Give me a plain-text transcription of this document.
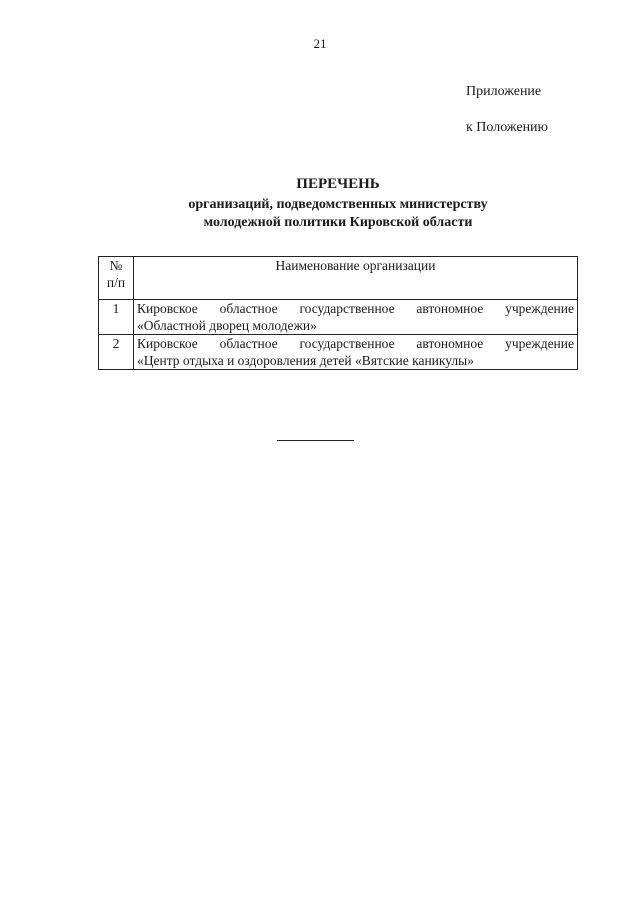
21
Приложение
к Положению
ПЕРЕЧЕНЬ
организаций, подведомственных министерству
молодежной политики Кировской области
№
п/п	Наименование организации
1	Кировское областное государственное автономное учреждение
«Областной дворец молодежи»

2	Кировское областное государственное автономное учреждение
«Центр отдыха и оздоровления детей «Вятские каникулы»
